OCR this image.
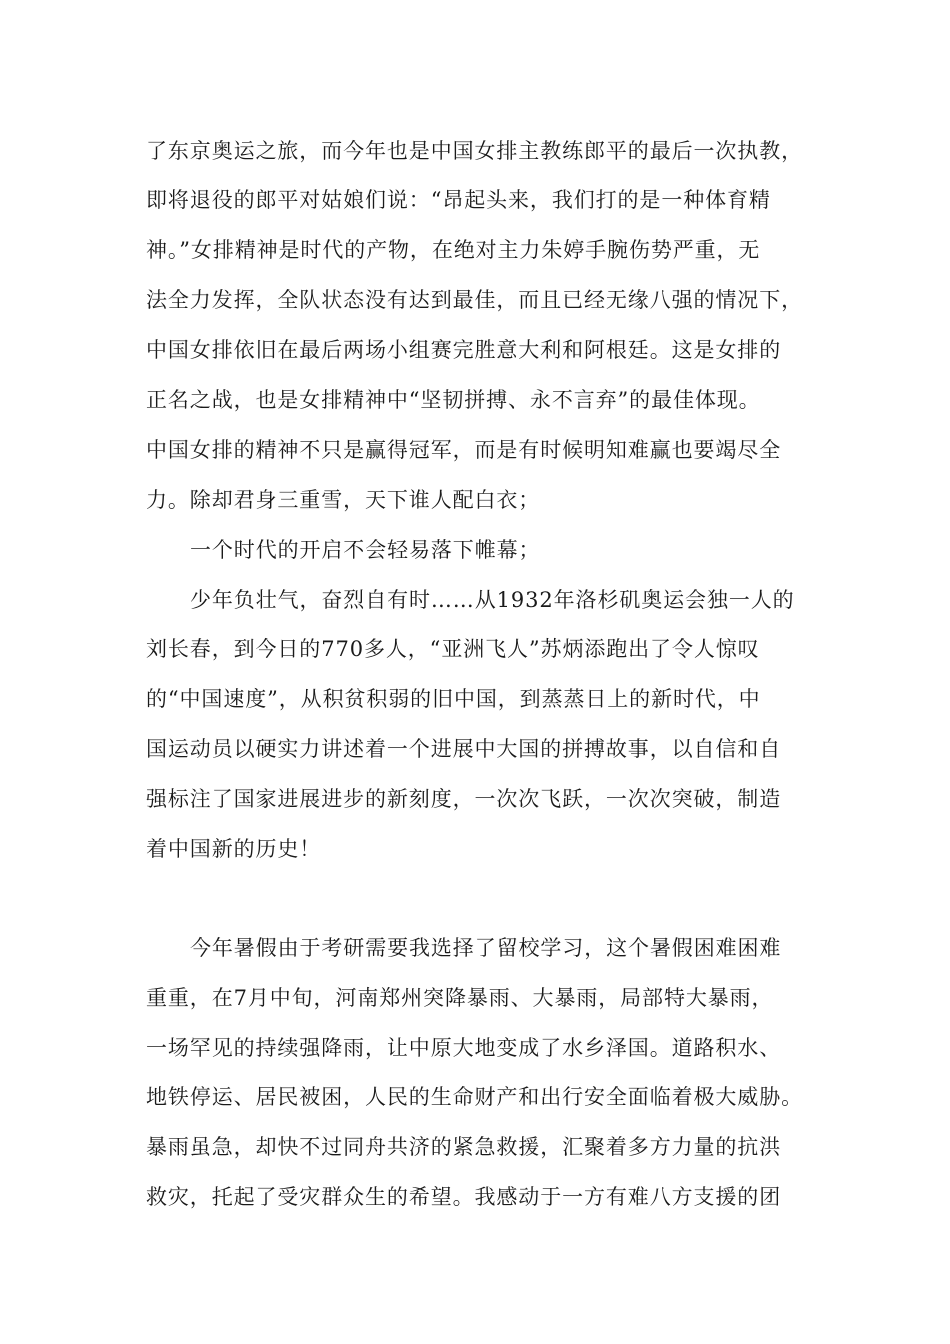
了东京奥运之旅，而今年也是中国女排主教练郎平的最后一次执教，
即将退役的郎平对姑娘们说：“昂起头来，我们打的是一种体育精
神。”女排精神是时代的产物，在绝对主力朱婷手腕伤势严重，无
法全力发挥，全队状态没有达到最佳，而且已经无缘八强的情况下，
中国女排依旧在最后两场小组赛完胜意大利和阿根廷。这是女排的
正名之战，也是女排精神中“坚韧拼搏、永不言弃”的最佳体现。
中国女排的精神不只是赢得冠军，而是有时候明知难赢也要竭尽全
力。除却君身三重雪，天下谁人配白衣；
一个时代的开启不会轻易落下帷幕；
少年负壮气，奋烈自有时……从1932年洛杉矶奥运会独一人的
刘长春，到今日的770多人，“亚洲飞人”苏炳添跑出了令人惊叹
的“中国速度”，从积贫积弱的旧中国，到蒸蒸日上的新时代，中
国运动员以硬实力讲述着一个进展中大国的拼搏故事，以自信和自
强标注了国家进展进步的新刻度，一次次飞跃，一次次突破，制造
着中国新的历史！
今年暑假由于考研需要我选择了留校学习，这个暑假困难困难
重重，在7月中旬，河南郑州突降暴雨、大暴雨，局部特大暴雨，
一场罕见的持续强降雨，让中原大地变成了水乡泽国。道路积水、
地铁停运、居民被困，人民的生命财产和出行安全面临着极大威胁。
暴雨虽急，却快不过同舟共济的紧急救援，汇聚着多方力量的抗洪
救灾，托起了受灾群众生的希望。我感动于一方有难八方支援的团
